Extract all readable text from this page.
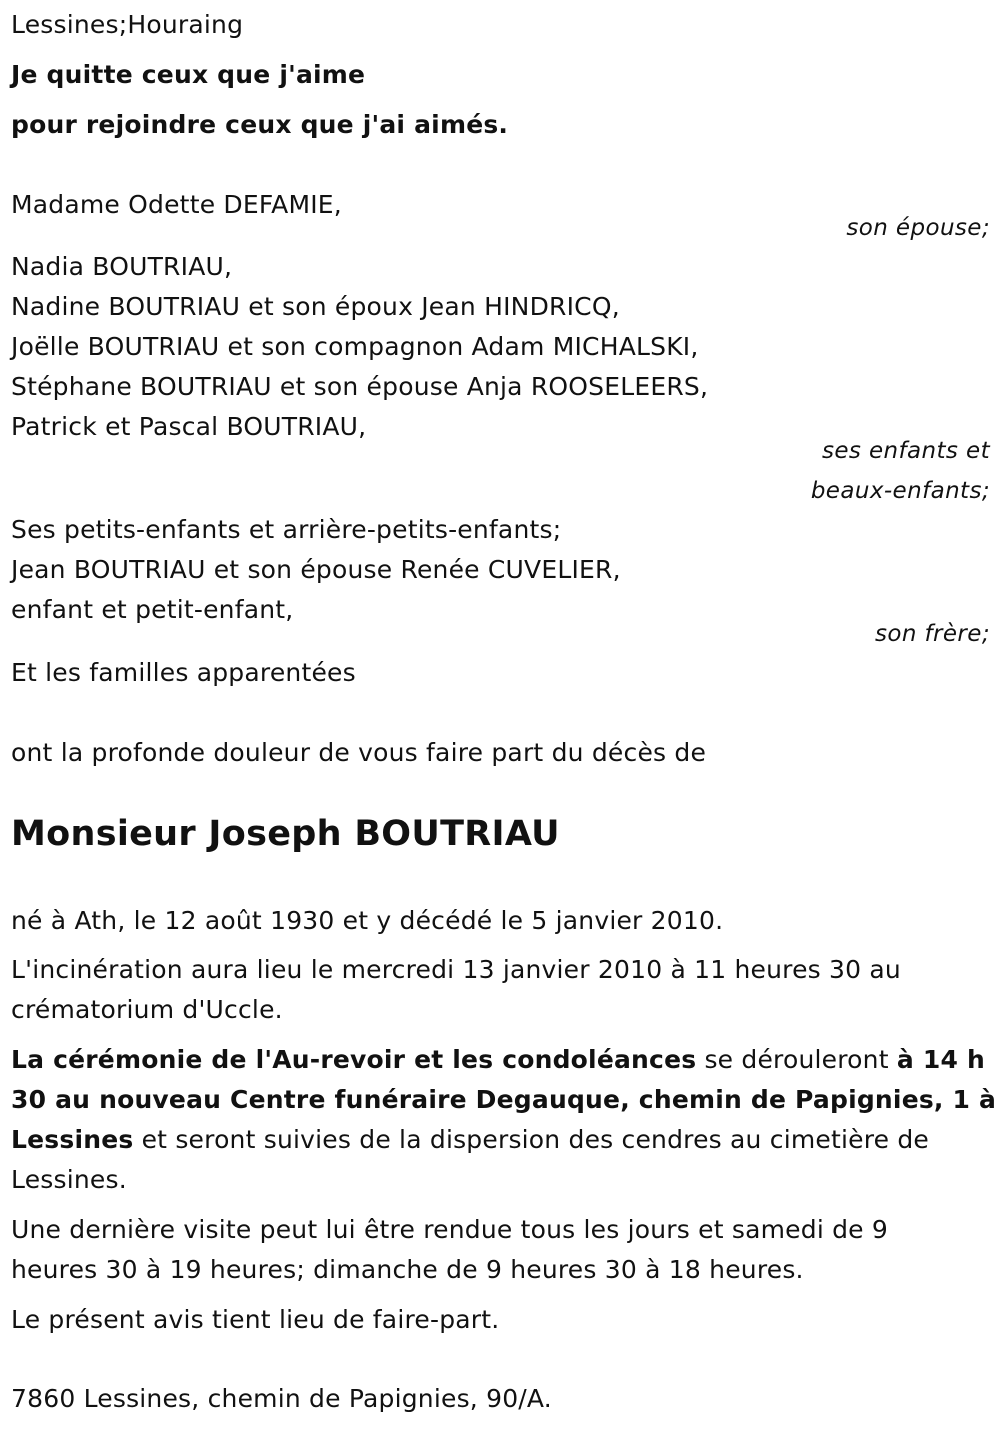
Lessines;Houraing
Je quitte ceux que j'aime
pour rejoindre ceux que j'ai aimés.
Madame Odette DEFAMIE,
son épouse;
Nadia BOUTRIAU,
Nadine BOUTRIAU et son époux Jean HINDRICQ,
Joëlle BOUTRIAU et son compagnon Adam MICHALSKI,
Stéphane BOUTRIAU et son épouse Anja ROOSELEERS,
Patrick et Pascal BOUTRIAU,
ses enfants et
beaux-enfants;
Ses petits-enfants et arrière-petits-enfants;
Jean BOUTRIAU et son épouse Renée CUVELIER,
enfant et petit-enfant,
son frère;
Et les familles apparentées
ont la profonde douleur de vous faire part du décès de
Monsieur Joseph BOUTRIAU
né à Ath, le 12 août 1930 et y décédé le 5 janvier 2010.
L'incinération aura lieu le mercredi 13 janvier 2010 à 11 heures 30 au
crématorium d'Uccle.
La cérémonie de l'Au-revoir et les condoléances se dérouleront à 14 h
30 au nouveau Centre funéraire Degauque, chemin de Papignies, 1 à
Lessines et seront suivies de la dispersion des cendres au cimetière de
Lessines.
Une dernière visite peut lui être rendue tous les jours et samedi de 9
heures 30 à 19 heures; dimanche de 9 heures 30 à 18 heures.
Le présent avis tient lieu de faire-part.
7860 Lessines, chemin de Papignies, 90/A.
